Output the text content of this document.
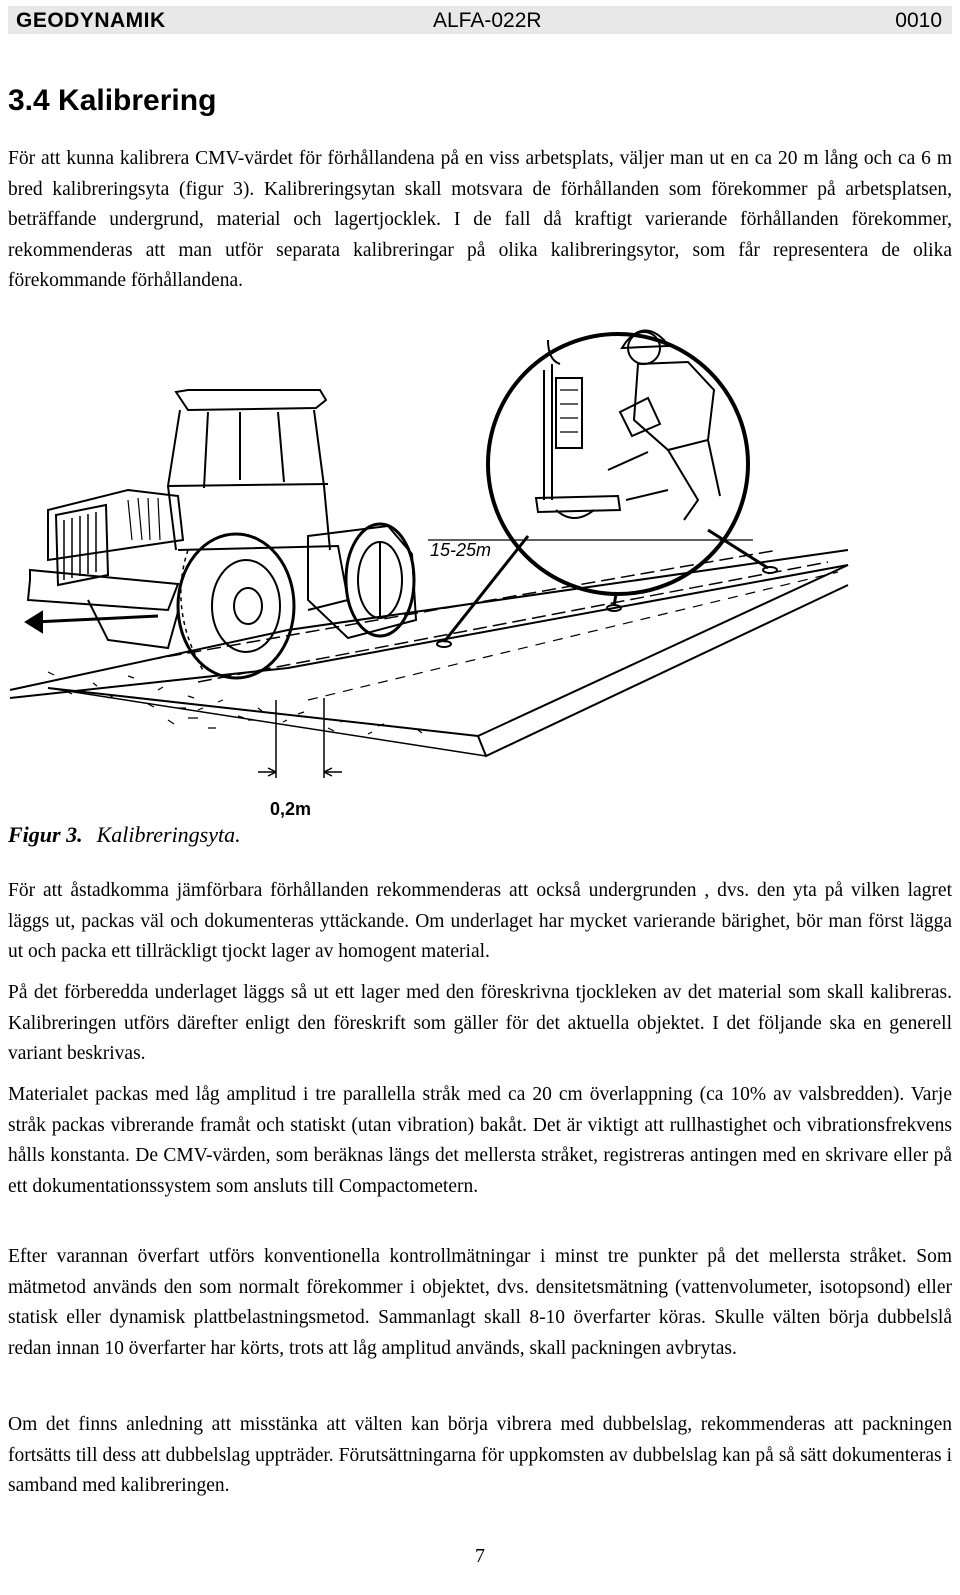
GEODYNAMIK	ALFA-022R	0010
3.4 Kalibrering

För att kunna kalibrera CMV-värdet för förhållandena på en viss arbetsplats, väljer man ut en ca 20 m lång och ca 6 m bred kalibreringsyta (figur 3). Kalibreringsytan skall motsvara de förhållanden som förekommer på arbetsplatsen, beträffande undergrund, material och lagertjocklek. I de fall då kraftigt varierande förhållanden förekommer, rekommenderas att man utför separata kalibreringar på olika kalibreringsytor, som får representera de olika förekommande förhållandena.

15-25m
0,2m

Figur 3. Kalibreringsyta.

För att åstadkomma jämförbara förhållanden rekommenderas att också undergrunden , dvs. den yta på vilken lagret läggs ut, packas väl och dokumenteras yttäckande. Om underlaget har mycket varierande bärighet, bör man först lägga ut och packa ett tillräckligt tjockt lager av homogent material.

På det förberedda underlaget läggs så ut ett lager med den föreskrivna tjockleken av det material som skall kalibreras. Kalibreringen utförs därefter enligt den föreskrift som gäller för det aktuella objektet. I det följande ska en generell variant beskrivas.

Materialet packas med låg amplitud i tre parallella stråk med ca 20 cm överlappning (ca 10% av valsbredden). Varje stråk packas vibrerande framåt och statiskt (utan vibration) bakåt. Det är viktigt att rullhastighet och vibrationsfrekvens hålls konstanta. De CMV-värden, som beräknas längs det mellersta stråket, registreras antingen med en skrivare eller på ett dokumentationssystem som ansluts till Compactometern.

Efter varannan överfart utförs konventionella kontrollmätningar i minst tre punkter på det mellersta stråket. Som mätmetod används den som normalt förekommer i objektet, dvs. densitetsmätning (vattenvolumeter, isotopsond) eller statisk eller dynamisk plattbelastningsmetod. Sammanlagt skall 8-10 överfarter köras. Skulle välten börja dubbelslå redan innan 10 överfarter har körts, trots att låg amplitud används, skall packningen avbrytas.

Om det finns anledning att misstänka att välten kan börja vibrera med dubbelslag, rekommenderas att packningen fortsätts till dess att dubbelslag uppträder. Förutsättningarna för uppkomsten av dubbelslag kan på så sätt dokumenteras i samband med kalibreringen.

7
